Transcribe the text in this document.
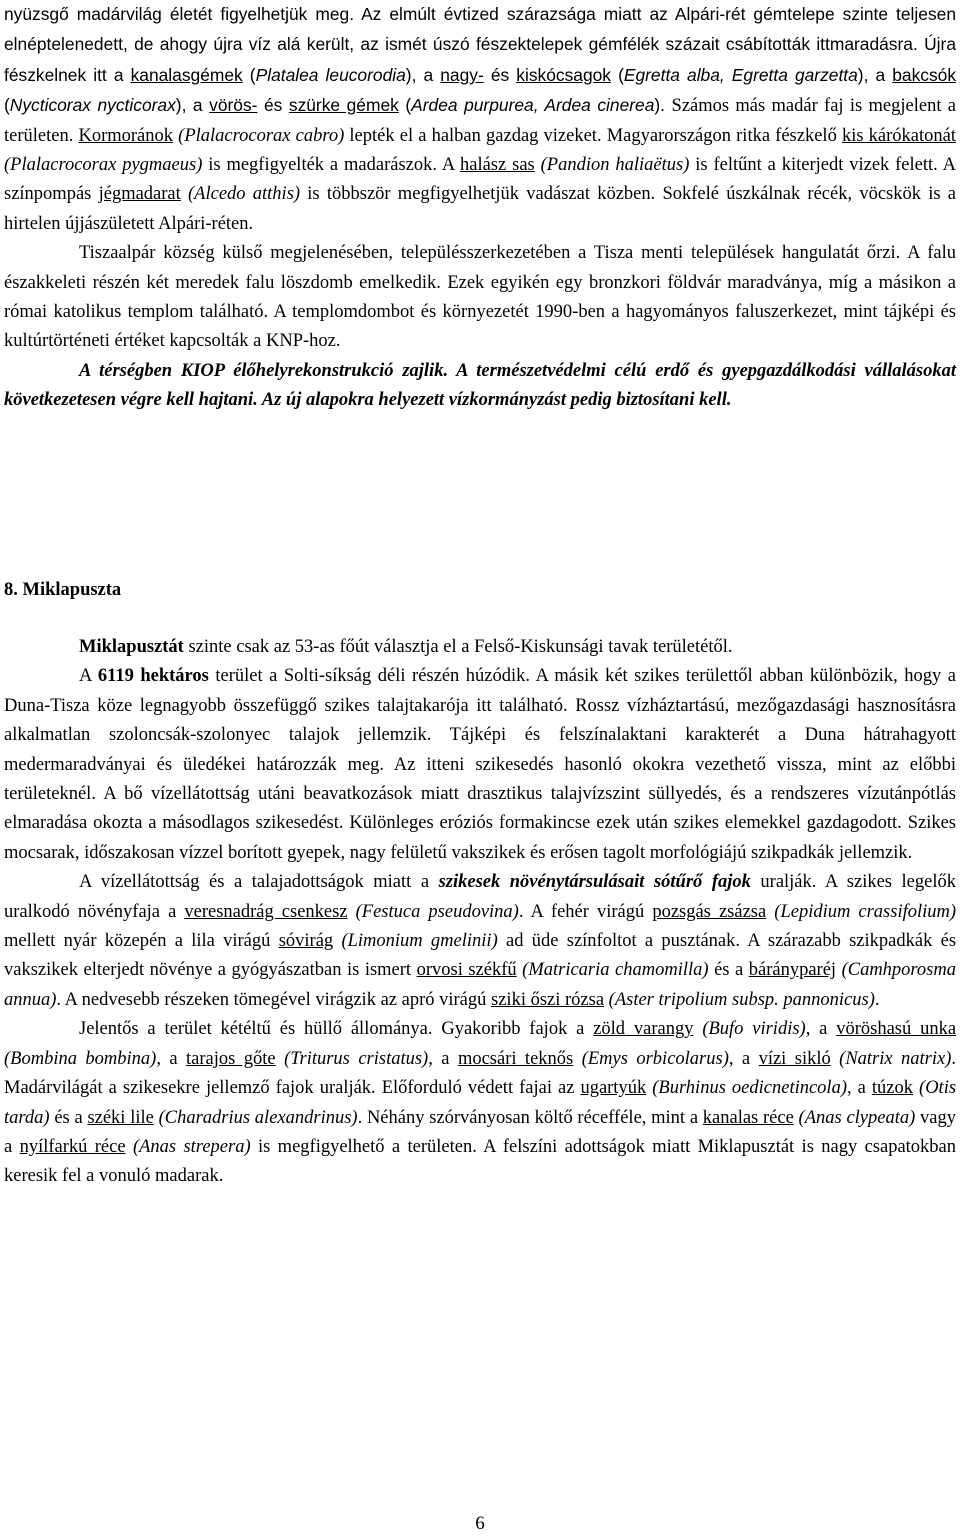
nyüzsgő madárvilág életét figyelhetjük meg. Az elmúlt évtized szárazsága miatt az Alpári-rét gémtelepe szinte teljesen elnéptelenedett, de ahogy újra víz alá került, az ismét úszó fészektelepek gémfélék százait csábították ittmaradásra. Újra fészkelnek itt a kanalasgémek (Platalea leucorodia), a nagy- és kiskócsagok (Egretta alba, Egretta garzetta), a bakcsók (Nycticorax nycticorax), a vörös- és szürke gémek (Ardea purpurea, Ardea cinerea). Számos más madár faj is megjelent a területen. Kormoránok (Plalacrocorax cabro) lepték el a halban gazdag vizeket. Magyarországon ritka fészkelő kis kárókatonát (Plalacrocorax pygmaeus) is megfigyelték a madarászok. A halász sas (Pandion haliaëtus) is feltűnt a kiterjedt vizek felett. A színpompás jégmadarat (Alcedo atthis) is többször megfigyelhetjük vadászat közben. Sokfelé úszkálnak récék, vöcskök is a hirtelen újjászületett Alpári-réten.

Tiszaalpár község külső megjelenésében, településszerkezetében a Tisza menti települések hangulatát őrzi. A falu északkeleti részén két meredek falu löszdomb emelkedik. Ezek egyikén egy bronzkori földvár maradványa, míg a másikon a római katolikus templom található. A templomdombot és környezetét 1990-ben a hagyományos faluszerkezet, mint tájképi és kultúrtörténeti értéket kapcsolták a KNP-hoz.

A térségben KIOP élőhelyrekonstrukció zajlik. A természetvédelmi célú erdő és gyepgazdálkodási vállalásokat következetesen végre kell hajtani. Az új alapokra helyezett vízkormányzást pedig biztosítani kell.

8. Miklapuszta

Miklapusztát szinte csak az 53-as főút választja el a Felső-Kiskunsági tavak területétől.

A 6119 hektáros terület a Solti-síkság déli részén húzódik. A másik két szikes területtől abban különbözik, hogy a Duna-Tisza köze legnagyobb összefüggő szikes talajtakarója itt található. Rossz vízháztartású, mezőgazdasági hasznosításra alkalmatlan szoloncsák-szolonyec talajok jellemzik. Tájképi és felszínalaktani karakterét a Duna hátrahagyott medermaradványai és üledékei határozzák meg. Az itteni szikesedés hasonló okokra vezethető vissza, mint az előbbi területeknél. A bő vízellátottság utáni beavatkozások miatt drasztikus talajvízszint süllyedés, és a rendszeres vízutánpótlás elmaradása okozta a másodlagos szikesedést. Különleges eróziós formakincse ezek után szikes elemekkel gazdagodott. Szikes mocsarak, időszakosan vízzel borított gyepek, nagy felületű vakszikek és erősen tagolt morfológiájú szikpadkák jellemzik.

A vízellátottság és a talajadottságok miatt a szikesek növénytársulásait sótűrő fajok uralják. A szikes legelők uralkodó növényfaja a veresnadrág csenkesz (Festuca pseudovina). A fehér virágú pozsgás zsázsa (Lepidium crassifolium) mellett nyár közepén a lila virágú sóvirág (Limonium gmelinii) ad üde színfoltot a pusztának. A szárazabb szikpadkák és vakszikek elterjedt növénye a gyógyászatban is ismert orvosi székfű (Matricaria chamomilla) és a bárányparéj (Camhporosma annua). A nedvesebb részeken tömegével virágzik az apró virágú sziki őszi rózsa (Aster tripolium subsp. pannonicus).

Jelentős a terület kétéltű és hüllő állománya. Gyakoribb fajok a zöld varangy (Bufo viridis), a vöröshasú unka (Bombina bombina), a tarajos gőte (Triturus cristatus), a mocsári teknős (Emys orbicolarus), a vízi sikló (Natrix natrix). Madárvilágát a szikesekre jellemző fajok uralják. Előforduló védett fajai az ugartyúk (Burhinus oedicnetincola), a túzok (Otis tarda) és a széki lile (Charadrius alexandrinus). Néhány szórványosan költő récefféle, mint a kanalas réce (Anas clypeata) vagy a nyílfarkú réce (Anas strepera) is megfigyelhető a területen. A felszíni adottságok miatt Miklapusztát is nagy csapatokban keresik fel a vonuló madarak.

6
